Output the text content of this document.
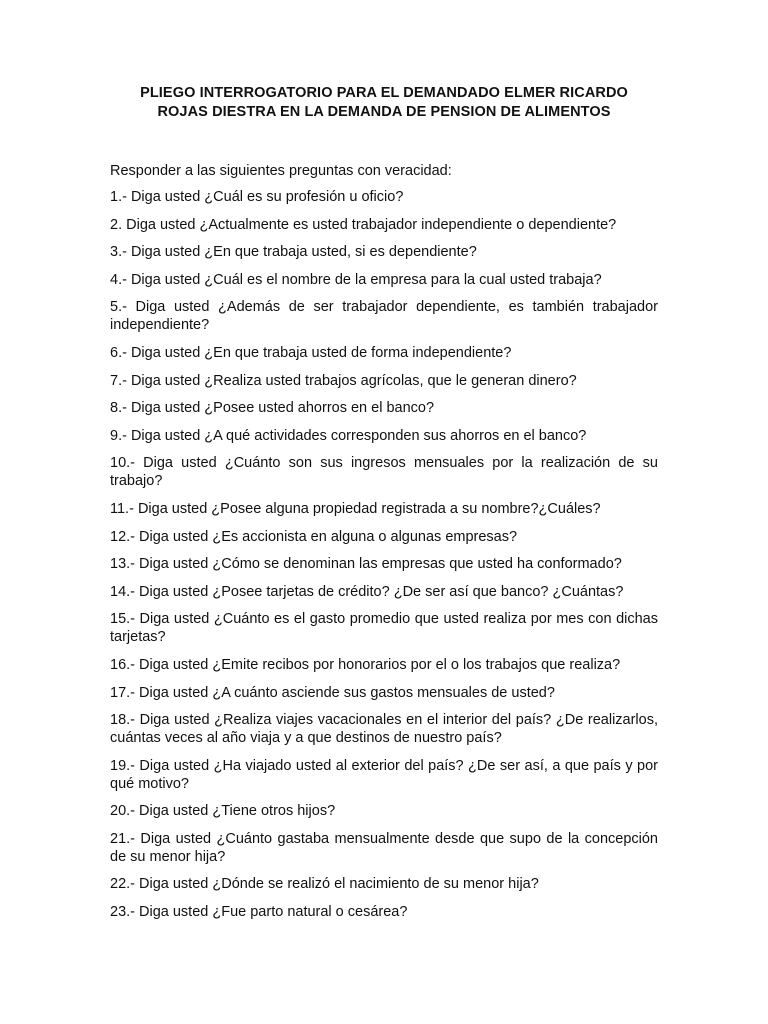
PLIEGO INTERROGATORIO PARA EL DEMANDADO ELMER RICARDO
ROJAS DIESTRA EN LA DEMANDA DE PENSION DE ALIMENTOS

Responder a las siguientes preguntas con veracidad:

1.- Diga usted ¿Cuál es su profesión u oficio?
2. Diga usted ¿Actualmente es usted trabajador independiente o dependiente?
3.- Diga usted ¿En que trabaja usted, si es dependiente?
4.- Diga usted ¿Cuál es el nombre de la empresa para la cual usted trabaja?
5.- Diga usted ¿Además de ser trabajador dependiente, es también trabajador independiente?
6.- Diga usted ¿En que trabaja usted de forma independiente?
7.- Diga usted ¿Realiza usted trabajos agrícolas, que le generan dinero?
8.- Diga usted ¿Posee usted ahorros en el banco?
9.- Diga usted ¿A qué actividades corresponden sus ahorros en el banco?
10.- Diga usted ¿Cuánto son sus ingresos mensuales por la realización de su trabajo?
11.- Diga usted ¿Posee alguna propiedad registrada a su nombre?¿Cuáles?
12.- Diga usted ¿Es accionista en alguna o algunas empresas?
13.- Diga usted ¿Cómo se denominan las empresas que usted ha conformado?
14.- Diga usted ¿Posee tarjetas de crédito? ¿De ser así que banco? ¿Cuántas?
15.- Diga usted ¿Cuánto es el gasto promedio que usted realiza por mes con dichas tarjetas?
16.- Diga usted ¿Emite recibos por honorarios por el o los trabajos que realiza?
17.- Diga usted ¿A cuánto asciende sus gastos mensuales de usted?
18.- Diga usted ¿Realiza viajes vacacionales en el interior del país? ¿De realizarlos, cuántas veces al año viaja y a que destinos de nuestro país?
19.- Diga usted ¿Ha viajado usted al exterior del país? ¿De ser así, a que país y por qué motivo?
20.- Diga usted ¿Tiene otros hijos?
21.- Diga usted ¿Cuánto gastaba mensualmente desde que supo de la concepción de su menor hija?
22.- Diga usted ¿Dónde se realizó el nacimiento de su menor hija?
23.- Diga usted ¿Fue parto natural o cesárea?
